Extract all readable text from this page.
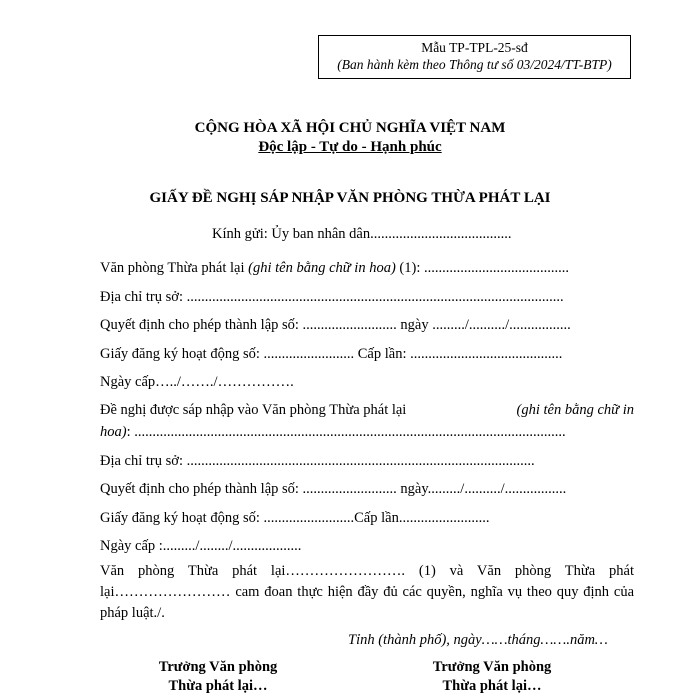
Mẫu TP-TPL-25-sđ
(Ban hành kèm theo Thông tư số 03/2024/TT-BTP)
CỘNG HÒA XÃ HỘI CHỦ NGHĨA VIỆT NAM
Độc lập - Tự do - Hạnh phúc
GIẤY ĐỀ NGHỊ SÁP NHẬP VĂN PHÒNG THỪA PHÁT LẠI
Kính gửi: Ủy ban nhân dân.......................................
Văn phòng Thừa phát lại (ghi tên bằng chữ in hoa) (1): ........................................
Địa chỉ trụ sở: ........................................................................................................
Quyết định cho phép thành lập số: .......................... ngày ........./........../.................
Giấy đăng ký hoạt động số: ......................... Cấp lần: ..........................................
Ngày cấp…../……./…………….
Đề nghị được sáp nhập vào Văn phòng Thừa phát lại	(ghi tên bằng chữ in
hoa): .......................................................................................................................
Địa chỉ trụ sở: ................................................................................................
Quyết định cho phép thành lập số: .......................... ngày........./........../.................
Giấy đăng ký hoạt động số: .........................Cấp lần.........................
Ngày cấp :........./......../...................
Văn phòng Thừa phát lại……………………. (1) và Văn phòng Thừa phát lại…………………… cam đoan thực hiện đầy đủ các quyền, nghĩa vụ theo quy định của pháp luật./.
Tỉnh (thành phố), ngày……tháng…….năm…
Trưởng Văn phòng
Thừa phát lại…
Trưởng Văn phòng
Thừa phát lại…
